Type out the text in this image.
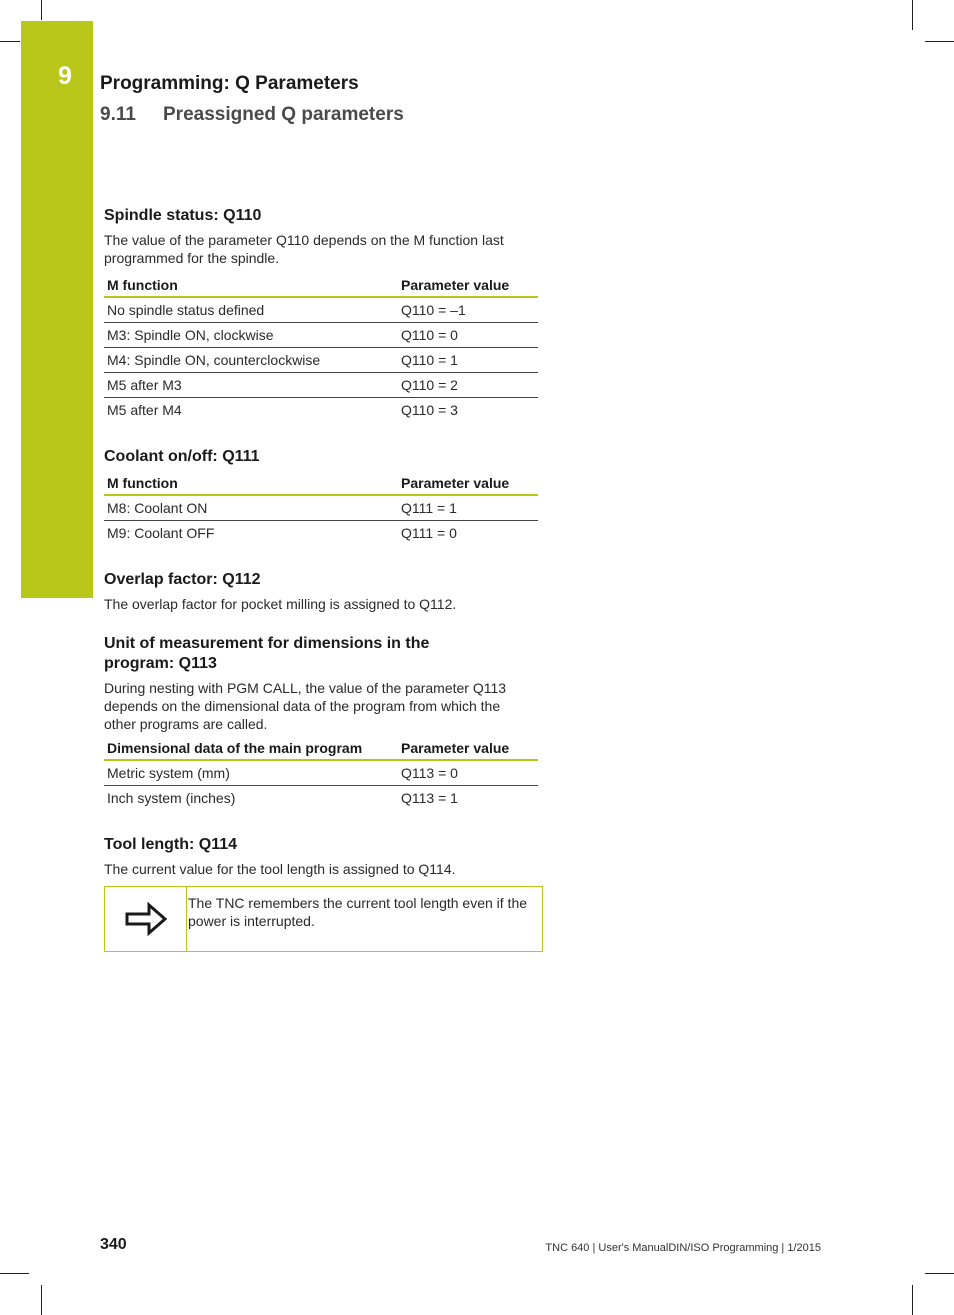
9 Programming: Q Parameters
9.11 Preassigned Q parameters
Spindle status: Q110

The value of the parameter Q110 depends on the M function last programmed for the spindle.

M function	Parameter value
No spindle status defined	Q110 = –1
M3: Spindle ON, clockwise	Q110 = 0
M4: Spindle ON, counterclockwise	Q110 = 1
M5 after M3	Q110 = 2
M5 after M4	Q110 = 3
Coolant on/off: Q111
M function	Parameter value
M8: Coolant ON	Q111 = 1
M9: Coolant OFF	Q111 = 0
Overlap factor: Q112

The overlap factor for pocket milling is assigned to Q112.

Unit of measurement for dimensions in the program: Q113

During nesting with PGM CALL, the value of the parameter Q113 depends on the dimensional data of the program from which the other programs are called.

Dimensional data of the main program	Parameter value
Metric system (mm)	Q113 = 0
Inch system (inches)	Q113 = 1
Tool length: Q114

The current value for the tool length is assigned to Q114.

The TNC remembers the current tool length even if the power is interrupted.
340	TNC 640 | User's ManualDIN/ISO Programming | 1/2015
